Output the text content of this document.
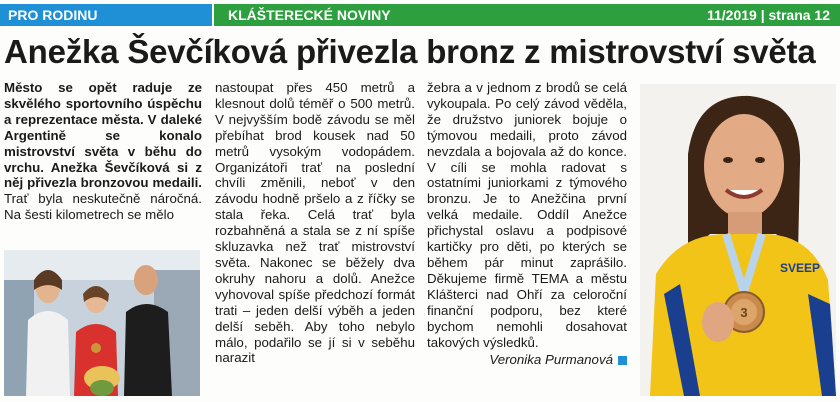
PRO RODINU	KLÁŠTERECKÉ NOVINY	11/2019 | strana 12
Anežka Ševčíková přivezla bronz z mistrovství světa

Město se opět raduje ze skvělého sportovního úspěchu a reprezentace města. V daleké Argentině se konalo mistrovství světa v běhu do vrchu. Anežka Ševčíková si z něj přivezla bronzovou medaili. Trať byla neskutečně náročná. Na šesti kilometrech se mělo

nastoupat přes 450 metrů a klesnout dolů téměř o 500 metrů. V nejvyšším bodě závodu se měl přebíhat brod kousek nad 50 metrů vysokým vodopádem. Organizátoři trať na poslední chvíli změnili, neboť v den závodu hodně pršelo a z říčky se stala řeka. Celá trať byla rozbahněná a stala se z ní spíše skluzavka než trať mistrovství světa. Nakonec se běžely dva okruhy nahoru a dolů. Anežce vyhovoval spíše předchozí formát trati – jeden delší výběh a jeden delší seběh. Aby toho nebylo málo, podařilo se jí si v seběhu narazit

žebra a v jednom z brodů se celá vykoupala. Po celý závod věděla, že družstvo juniorek bojuje o týmovou medaili, proto závod nevzdala a bojovala až do konce. V cíli se mohla radovat s ostatními juniorkami z týmového bronzu. Je to Anežčina první velká medaile. Oddíl Anežce přichystal oslavu a podpisové kartičky pro děti, po kterých se během pár minut zaprášilo. Děkujeme firmě TEMA a městu Klášterci nad Ohří za celoroční finanční podporu, bez které bychom nemohli dosahovat takových výsledků.

Veronika Purmanová

SVEEP
3
